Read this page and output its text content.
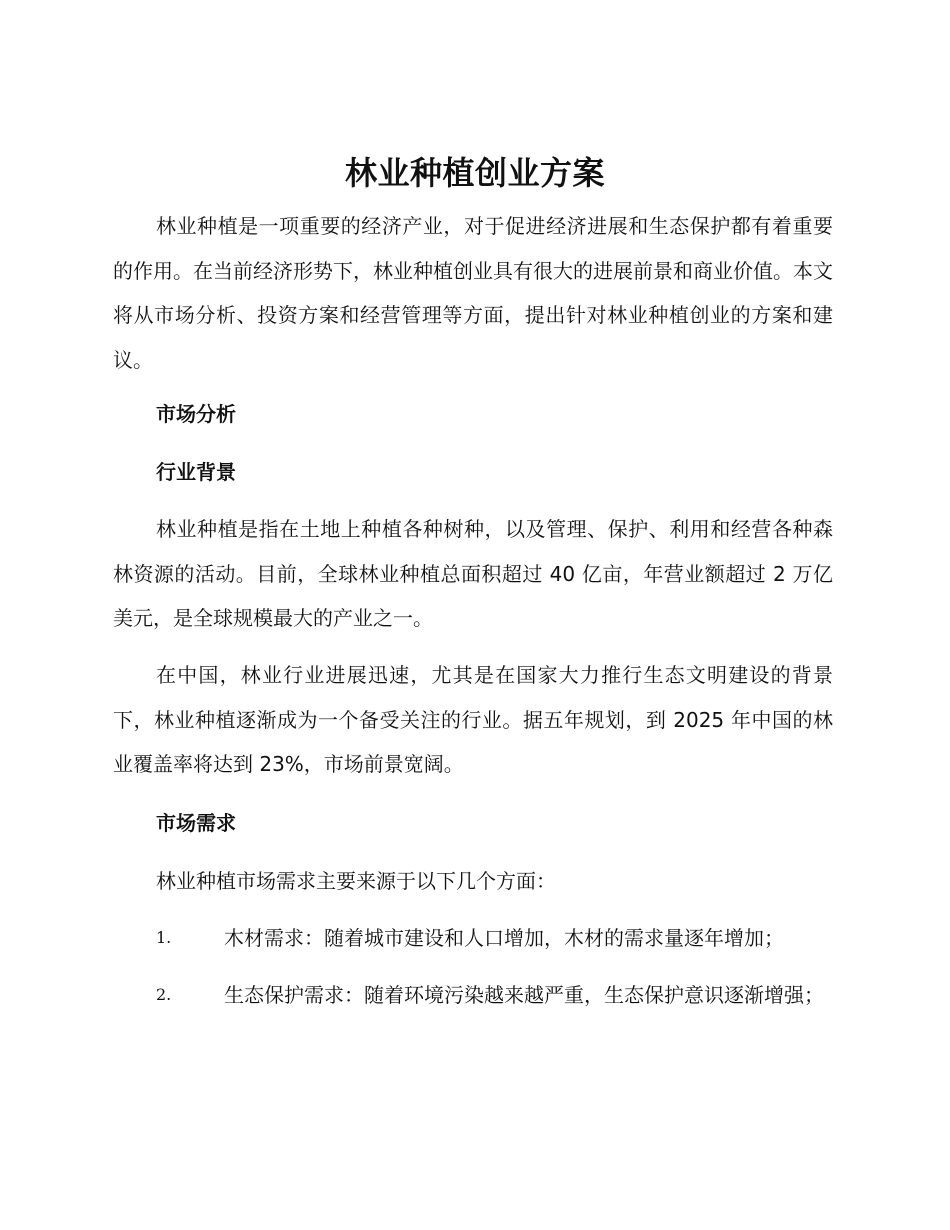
林业种植创业方案

林业种植是一项重要的经济产业，对于促进经济进展和生态保护都有着重要的作用。在当前经济形势下，林业种植创业具有很大的进展前景和商业价值。本文将从市场分析、投资方案和经营管理等方面，提出针对林业种植创业的方案和建议。

市场分析
行业背景

林业种植是指在土地上种植各种树种，以及管理、保护、利用和经营各种森林资源的活动。目前，全球林业种植总面积超过 40 亿亩，年营业额超过 2 万亿美元，是全球规模最大的产业之一。

在中国，林业行业进展迅速，尤其是在国家大力推行生态文明建设的背景下，林业种植逐渐成为一个备受关注的行业。据五年规划，到 2025 年中国的林业覆盖率将达到 23%，市场前景宽阔。

市场需求

林业种植市场需求主要来源于以下几个方面：

1.	木材需求：随着城市建设和人口增加，木材的需求量逐年增加；
2.	生态保护需求：随着环境污染越来越严重，生态保护意识逐渐增强；
